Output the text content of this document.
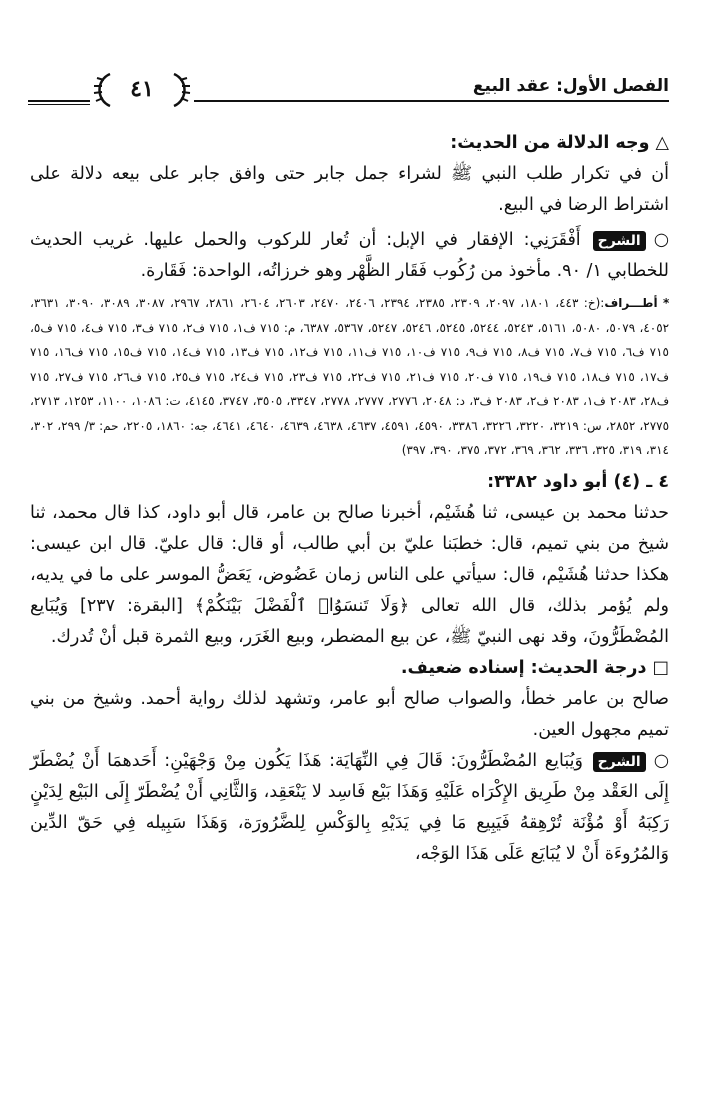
الفصل الأول: عقد البيع
٤١

△وجه الدلالة من الحديث:

أن في تكرار طلب النبي ﷺ لشراء جمل جابر حتى وافق جابر على بيعه دلالة على اشتراط الرضا في البيع.

○الشرح أَفْقَرَنِي: الإفقار في الإبل: أن تُعار للركوب والحمل عليها. غريب الحديث للخطابي ١/ ٩٠. مأخوذ من رُكُوب فَقَار الظَّهْر وهو خرزاتُه، الواحدة: فَقَارة.

* أطـــراف:(خ: ٤٤٣، ١٨٠١، ٢٠٩٧، ٢٣٠٩، ٢٣٨٥، ٢٣٩٤، ٢٤٠٦، ٢٤٧٠، ٢٦٠٣، ٢٦٠٤، ٢٨٦١، ٢٩٦٧، ٣٠٨٧، ٣٠٨٩، ٣٠٩٠، ٣٦٣١، ٤٠٥٢، ٥٠٧٩، ٥٠٨٠، ٥١٦١، ٥٢٤٣، ٥٢٤٤، ٥٢٤٥، ٥٢٤٦، ٥٢٤٧، ٥٣٦٧، ٦٣٨٧، م: ٧١٥ ف١، ٧١٥ ف٢، ٧١٥ ف٣، ٧١٥ ف٤، ٧١٥ ف٥، ٧١٥ ف٦، ٧١٥ ف٧، ٧١٥ ف٨، ٧١٥ ف٩، ٧١٥ ف١٠، ٧١٥ ف١١، ٧١٥ ف١٢، ٧١٥ ف١٣، ٧١٥ ف١٤، ٧١٥ ف١٥، ٧١٥ ف١٦، ٧١٥ ف١٧، ٧١٥ ف١٨، ٧١٥ ف١٩، ٧١٥ ف٢٠، ٧١٥ ف٢١، ٧١٥ ف٢٢، ٧١٥ ف٢٣، ٧١٥ ف٢٤، ٧١٥ ف٢٥، ٧١٥ ف٢٦، ٧١٥ ف٢٧، ٧١٥ ف٢٨، ٢٠٨٣ ف١، ٢٠٨٣ ف٢، ٢٠٨٣ ف٣، د: ٢٠٤٨، ٢٧٧٦، ٢٧٧٧، ٢٧٧٨، ٣٣٤٧، ٣٥٠٥، ٣٧٤٧، ٤١٤٥، ت: ١٠٨٦، ١١٠٠، ١٢٥٣، ٢٧١٣، ٢٧٧٥، ٢٨٥٢، س: ٣٢١٩، ٣٢٢٠، ٣٢٢٦، ٣٣٨٦، ٤٥٩٠، ٤٥٩١، ٤٦٣٧، ٤٦٣٨، ٤٦٣٩، ٤٦٤٠، ٤٦٤١، جه: ١٨٦٠، ٢٢٠٥، حم: ٣/ ٢٩٩، ٣٠٢، ٣١٤، ٣١٩، ٣٢٥، ٣٣٦، ٣٦٢، ٣٦٩، ٣٧٢، ٣٧٥، ٣٩٠، ٣٩٧)

٤ ـ (٤) أبو داود ٣٣٨٢:

حدثنا محمد بن عيسى، ثنا هُشَيْم، أخبرنا صالح بن عامر، قال أبو داود، كذا قال محمد، ثنا شيخ من بني تميم، قال: خطبَنا عليّ بن أبي طالب، أو قال: قال عليّ. قال ابن عيسى: هكذا حدثنا هُشَيْم، قال: سيأتي على الناس زمان عَضُوض، يَعَضُّ الموسر على ما في يديه، ولم يُؤمر بذلك، قال الله تعالى ﴿وَلَا تَنسَوُا۟ ٱلْفَضْلَ بَيْنَكُمْ﴾ [البقرة: ٢٣٧] وَيُبَايع المُضْطَرُّونَ، وقد نهى النبيّ ﷺ، عن بيع المضطر، وبيع الغَرَر، وبيع الثمرة قبل أنْ تُدرك.

□درجة الحديث: إسناده ضعيف.

صالح بن عامر خطأ، والصواب صالح أبو عامر، وتشهد لذلك رواية أحمد. وشيخ من بني تميم مجهول العين.

○الشرح وَيُبَايع المُضْطَرُّونَ: قَالَ فِي النِّهَايَة: هَذَا يَكُون مِنْ وَجْهَيْنِ: أَحَدهمَا أَنْ يُضْطَرّ إِلَى العَقْد مِنْ طَرِيق الإِكْرَاه عَلَيْهِ وَهَذَا بَيْع فَاسِد لا يَنْعَقِد، وَالثَّانِي أَنْ يُضْطَرّ إِلَى البَيْع لِدَيْنٍ رَكِبَهُ أَوْ مُؤْنَة تُرْهِقهُ فَيَبِيع مَا فِي يَدَيْهِ بِالوَكْسِ لِلضَّرُورَة، وَهَذَا سَبِيله فِي حَقّ الدِّين وَالمُرُوءَة أَنْ لا يُبَايَع عَلَى هَذَا الوَجْه،
